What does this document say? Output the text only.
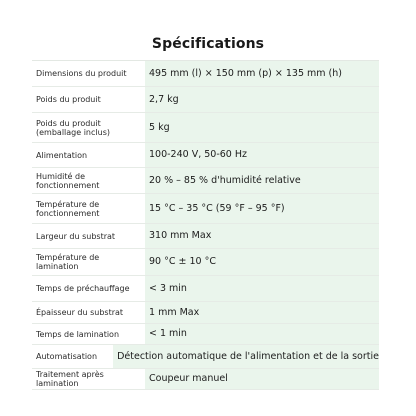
Spécifications
Dimensions du produit	495 mm (l) × 150 mm (p) × 135 mm (h)
Poids du produit	2,7 kg
Poids du produit
(emballage inclus)	5 kg
Alimentation	100-240 V, 50-60 Hz
Humidité de fonctionnement	20 % – 85 % d'humidité relative
Température de
fonctionnement	15 °C – 35 °C (59 °F – 95 °F)
Largeur du substrat	310 mm Max
Température de lamination	90 °C ± 10 °C
Temps de préchauffage	< 3 min
Épaisseur du substrat	1 mm Max
Temps de lamination	< 1 min
Automatisation	Détection automatique de l'alimentation et de la sortie
Traitement après lamination	Coupeur manuel
